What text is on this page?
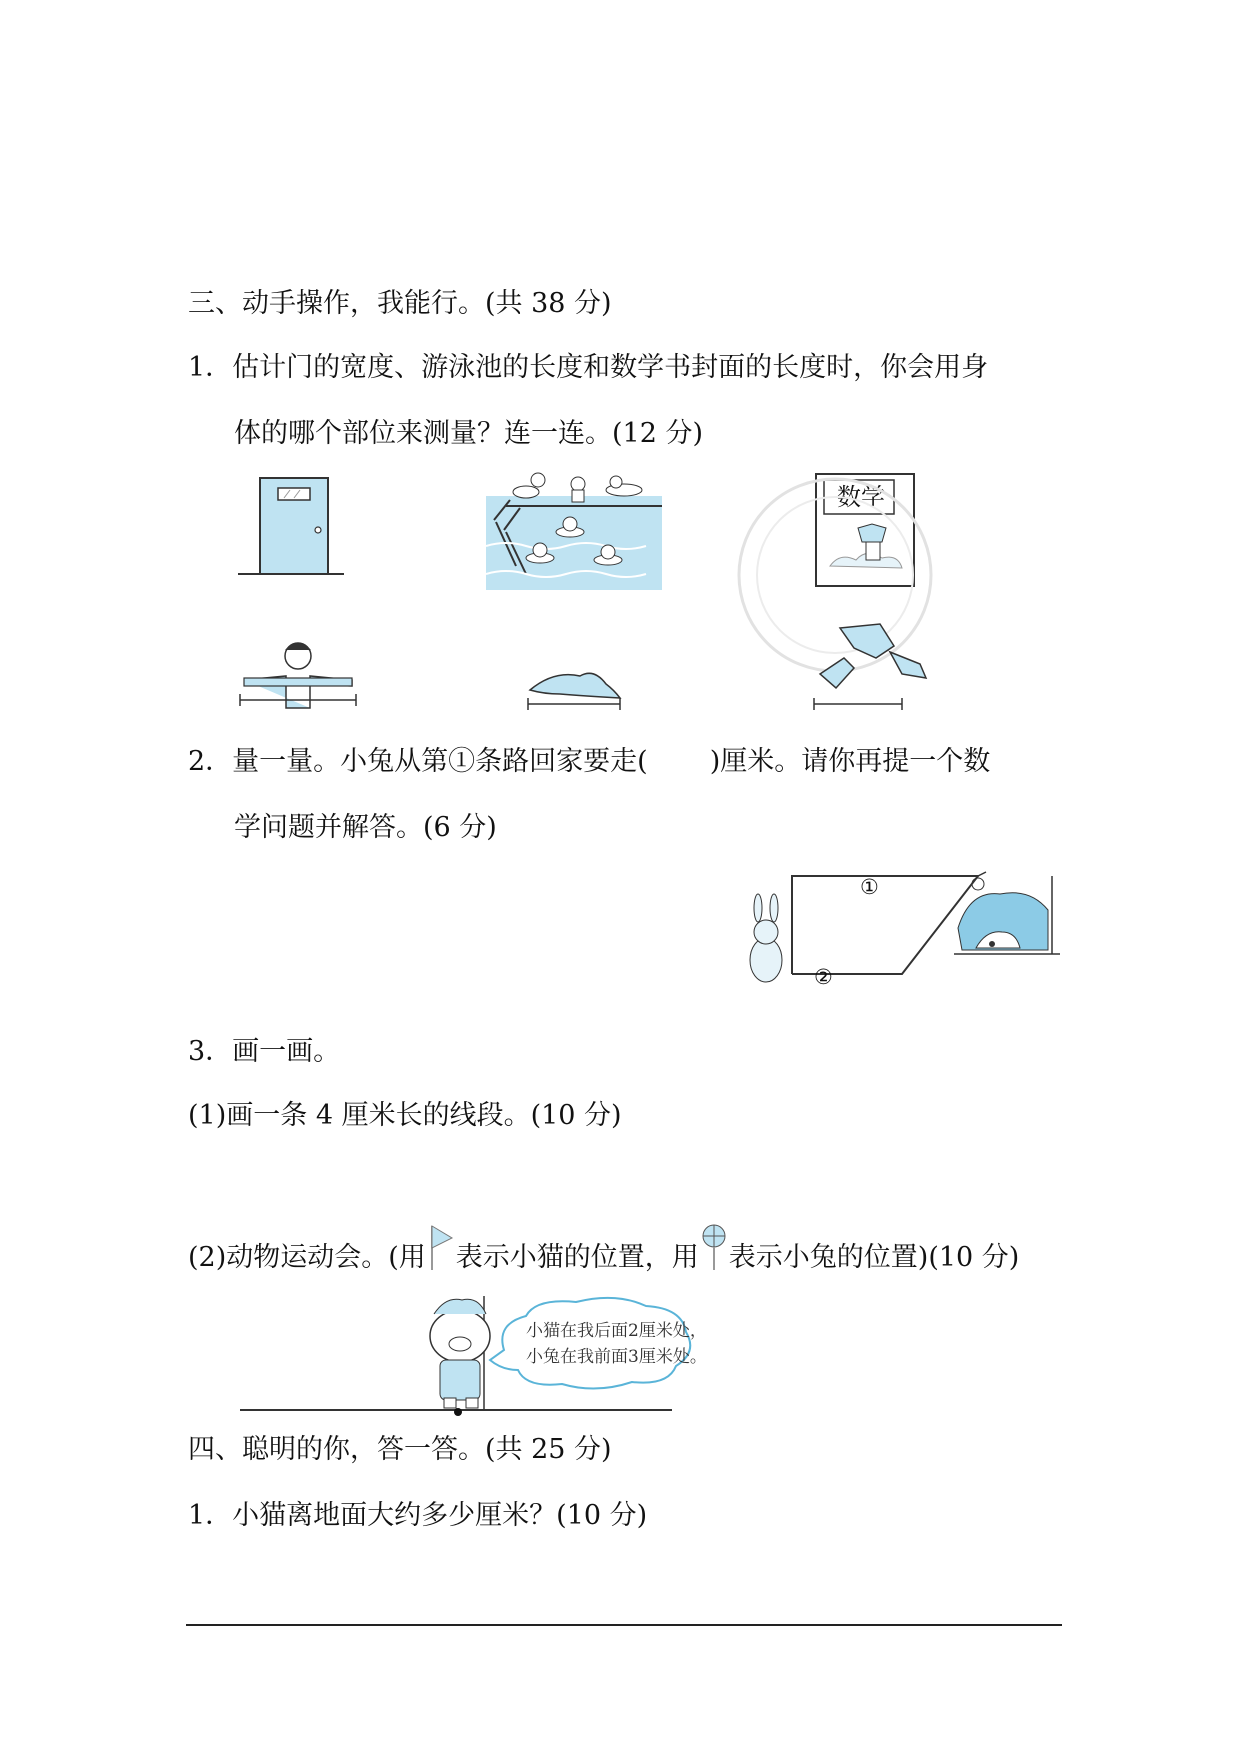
三、动手操作，我能行。(共 38 分)
1．估计门的宽度、游泳池的长度和数学书封面的长度时，你会用身
体的哪个部位来测量？连一连。(12 分)
数学
2．量一量。小兔从第①条路回家要走( )厘米。请你再提一个数
学问题并解答。(6 分)
①
②
3．画一画。
(1)画一条 4 厘米长的线段。(10 分)
(2)动物运动会。(用 表示小猫的位置，用 表示小兔的位置)(10 分)
小猫在我后面2厘米处，
小兔在我前面3厘米处。
四、聪明的你，答一答。(共 25 分)
1．小猫离地面大约多少厘米？(10 分)
